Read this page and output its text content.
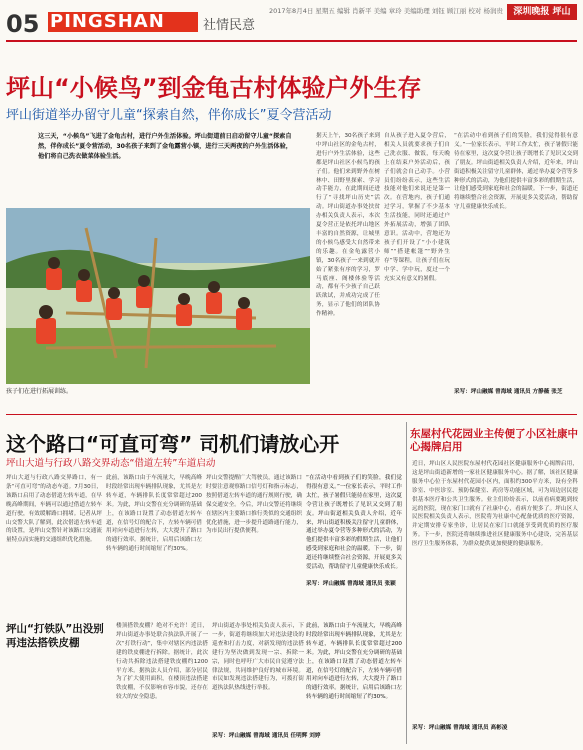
05 PINGSHAN	社情民意
2017年8月4日 星期五 编辑 肖新平 美编 章玲 美编助理 刘钰 顾江丽 校对 杨润贵	深圳晚报 坪山
坪山“小候鸟”到金龟古村体验户外生存
坪山街道举办留守儿童“探索自然，伴你成长”夏令营活动
这三天，“小候鸟”飞进了金龟古村，进行户外生活体验。坪山街道前日启动留守儿童“探索自然，伴你成长”夏令营活动，30名孩子来到了金龟露营小镇，进行三天两夜的户外生活体验，他们将自己洗衣做菜体验生活。
孩子们在进行拓展训练。
据天上午，30名孩子来到中坪山社区的金龟古村，进行户外生活体验，这些都是坪山社区小候鸟的孩子们。他们来到野外在树林中、田野里探索、学习动手能力，在此期间还进行了“寻找坪山历史”活动。坪山街道办事处扶贫办相关负责人表示，本次夏令营正是依托坪山地区丰富的自然资源，让城里的小候鸟感受大自然带来的乐趣。在金龟露营小镇，30名孩子一来到就开始了紧张有序的学习，罗马底座、阁楼体验等活动，都有不少孩子自己跃跃欲试，并成功完成了任务，显示了他们的团队协作精神。
自从孩子进入夏令营后，相关人员就要求孩子们自己洗衣服、做饭，每天晚上在结束户外活动后，孩子们就会自己动手。小营员们纷纷表示，这些生活技能对他们来说还是第一次。在营地内，孩子们通过学习，掌握了不少基本生活技能，同时还通过户外拓展活动，增强了团队意识。活动中，营地还为孩子们开设了“小小建筑师”“搭建帐篷”“野外生存”等课程，让孩子们在玩中学、学中玩，度过一个充实又有意义的暑假。
“在活动中看到孩子们的笑脸，我们觉得很有意义。”一位家长表示，平时工作太忙，孩子暑假只能待在家里，这次夏令营让孩子既增长了见识又交到了朋友。坪山街道相关负责人介绍，近年来，坪山街道积极关注留守儿童群体，通过举办夏令营等多种形式的活动，为他们提供丰富多彩的假期生活，让他们感受到家庭和社会的温暖。下一步，街道还将继续整合社会资源，开展更多关爱活动，帮助留守儿童健康快乐成长。
采写：坪山融媒 曾海域 通讯员 方静薇 张芝
这个路口“可直可弯” 司机们请放心开
坪山大道与行政八路交界动态“借道左转”车道启动
坪山大道与行政八路交界路口，有一条“可直可弯”的动态车道。7月30日，该路口启用了动态借道左转车道，在早晚高峰期间，车辆可以通过借道左转车道行驶，有效缓解路口拥堵。记者从坪山交警大队了解到，此次借道左转车道的设置，是坪山交警针对该路口交通流量特点而实施的交通组织优化措施。
此前，该路口由于车流量大，早晚高峰时段经常出现车辆排队现象，尤其是左转车道，车辆排队长度常常超过200米。为此，坪山交警在充分调研的基础上，在该路口设置了动态借道左转车道，在信号灯的配合下，左转车辆可借用对向车道进行左转，大大提升了路口的通行效率。据统计，启用后该路口左转车辆的通行时间缩短了约30%。
坪山交警提醒广大驾驶员，通过该路口时要注意观察路口信号灯和指示标志，按照借道左转车道的通行规则行驶，确保交通安全。今后，坪山交警还将继续在辖区内主要路口推行类似的交通组织优化措施，进一步提升道路通行能力，为市民出行提供便利。
“在活动中看到孩子们的笑脸，我们觉得很有意义。”一位家长表示，平时工作太忙，孩子暑假只能待在家里，这次夏令营让孩子既增长了见识又交到了朋友。坪山街道相关负责人介绍，近年来，坪山街道积极关注留守儿童群体，通过举办夏令营等多种形式的活动，为他们提供丰富多彩的假期生活，让他们感受到家庭和社会的温暖。下一步，街道还将继续整合社会资源，开展更多关爱活动，帮助留守儿童健康快乐成长。
采写：坪山融媒 曾海域 通讯员 张颖
坪山“打铁队”出没别再违法搭铁皮棚
楼顶搭铁皮棚？绝对不允许！近日，坪山街道办事处联合执法队开展了一次“打铁行动”，集中对辖区内违法搭建的铁皮棚进行拆除。据统计，此次行动共拆除违法搭建铁皮棚约1200平方米。据执法人员介绍，部分居民为了扩大使用面积，在楼顶违法搭建铁皮棚，不仅影响市容市貌，还存在较大的安全隐患。
坪山街道办事处相关负责人表示，下一步，街道将继续加大对违法建设的巡查和打击力度，对新发现的违法搭建行为坚决做到发现一宗、拆除一宗，同时也呼吁广大市民自觉遵守法律法规，共同维护良好的城市环境。市民如发现违法搭建行为，可拨打街道执法队热线进行举报。
此前，该路口由于车流量大，早晚高峰时段经常出现车辆排队现象，尤其是左转车道，车辆排队长度常常超过200米。为此，坪山交警在充分调研的基础上，在该路口设置了动态借道左转车道，在信号灯的配合下，左转车辆可借用对向车道进行左转，大大提升了路口的通行效率。据统计，启用后该路口左转车辆的通行时间缩短了约30%。
采写：坪山融媒 曾海域 通讯员 任明辉 刘婷
东屋村代花园业主传便了小区社康中心揭牌启用
近日，坪山区人民医院东屋村代花园社区健康服务中心揭牌启用，这是坪山街道新增的一家社区健康服务中心。据了解，该社区健康服务中心位于东屋村代花园小区内，面积约300平方米，设有全科诊室、中医诊室、预防保健室、药房等功能区域，可为周边居民提供基本医疗和公共卫生服务。业主们纷纷表示，以前看病要跑到较远的医院，现在家门口就有了社康中心，看病方便多了。坪山区人民医院相关负责人表示，医院将为社康中心配备优质的医疗资源，并定期安排专家坐诊，让居民在家门口就能享受到优质的医疗服务。下一步，医院还将继续推进社区健康服务中心建设，完善基层医疗卫生服务体系，为群众提供更加便捷的健康服务。
采写：坪山融媒 曾海域 通讯员 高彬凌
